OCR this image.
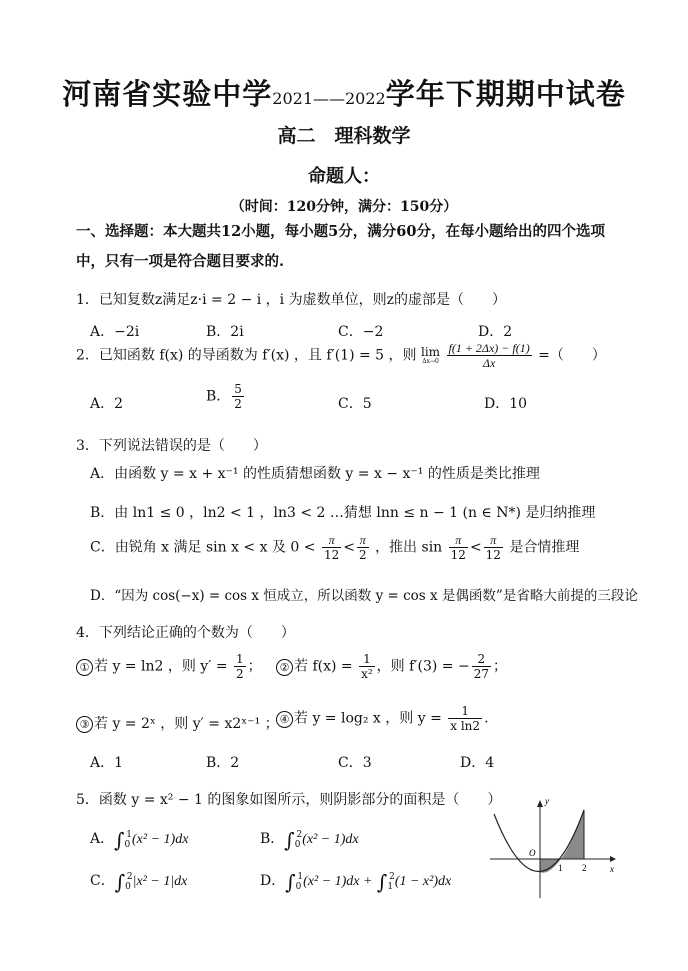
河南省实验中学2021——2022学年下期期中试卷
高二　理科数学
命题人：
（时间：120分钟，满分：150分）
一、选择题：本大题共12小题，每小题5分，满分60分，在每小题给出的四个选项
中，只有一项是符合题目要求的.
1．已知复数z满足z·i = 2 − i ，i 为虚数单位，则z的虚部是（　　）
A．−2i	B．2i	C．−2	D．2
2．已知函数 f(x) 的导函数为 f′(x) ，且 f′(1) = 5 ，则 lim
Δx→0
$\frac{f(1 + 2\Delta x) - f(1)}{\Delta x}$ =（　　）
A．2	B． $\frac{5}{2}$	C．5	D．10
3．下列说法错误的是（　　）
A．由函数 y = x + x⁻¹ 的性质猜想函数 y = x − x⁻¹ 的性质是类比推理
B．由 ln1 ≤ 0 ，ln2 < 1 ，ln3 < 2 …猜想 lnn ≤ n − 1 (n ∈ N*) 是归纳推理
C．由锐角 x 满足 sin x < x 及 $0 < \frac{\pi}{12} < \frac{\pi}{2}$ ，推出 $\sin \frac{\pi}{12} < \frac{\pi}{12}$ 是合情推理
D．“因为 cos(−x) = cos x 恒成立，所以函数 y = cos x 是偶函数”是省略大前提的三段论
4．下列结论正确的个数为（　　）
① 若 y = ln2 ，则 $y' = \frac{1}{2}$ ；	② 若 $f(x) = \frac{1}{\text{x²}}$ ，则 f′(3) = − $\frac{2}{27}$ ；
③ 若 y = 2ˣ ，则 y′ = x2ˣ⁻¹ ； ④ 若 y = log₂ x ，则 $y = \frac{1}{\text{x ln2}}$ .
A．1	B．2	C．3	D．4
5．函数 y = x² − 1 的图象如图所示，则阴影部分的面积是（　　）
A．$\int_0^1(x^2 - 1)dx$	B．$\int_0^2(x^2 - 1)dx$
C．$\int_0^2|x^2 - 1|dx$	D．$\int_0^1(x^2 - 1)dx + \int_1^2(1 - x^2)dx$
y
x
O
1 2
